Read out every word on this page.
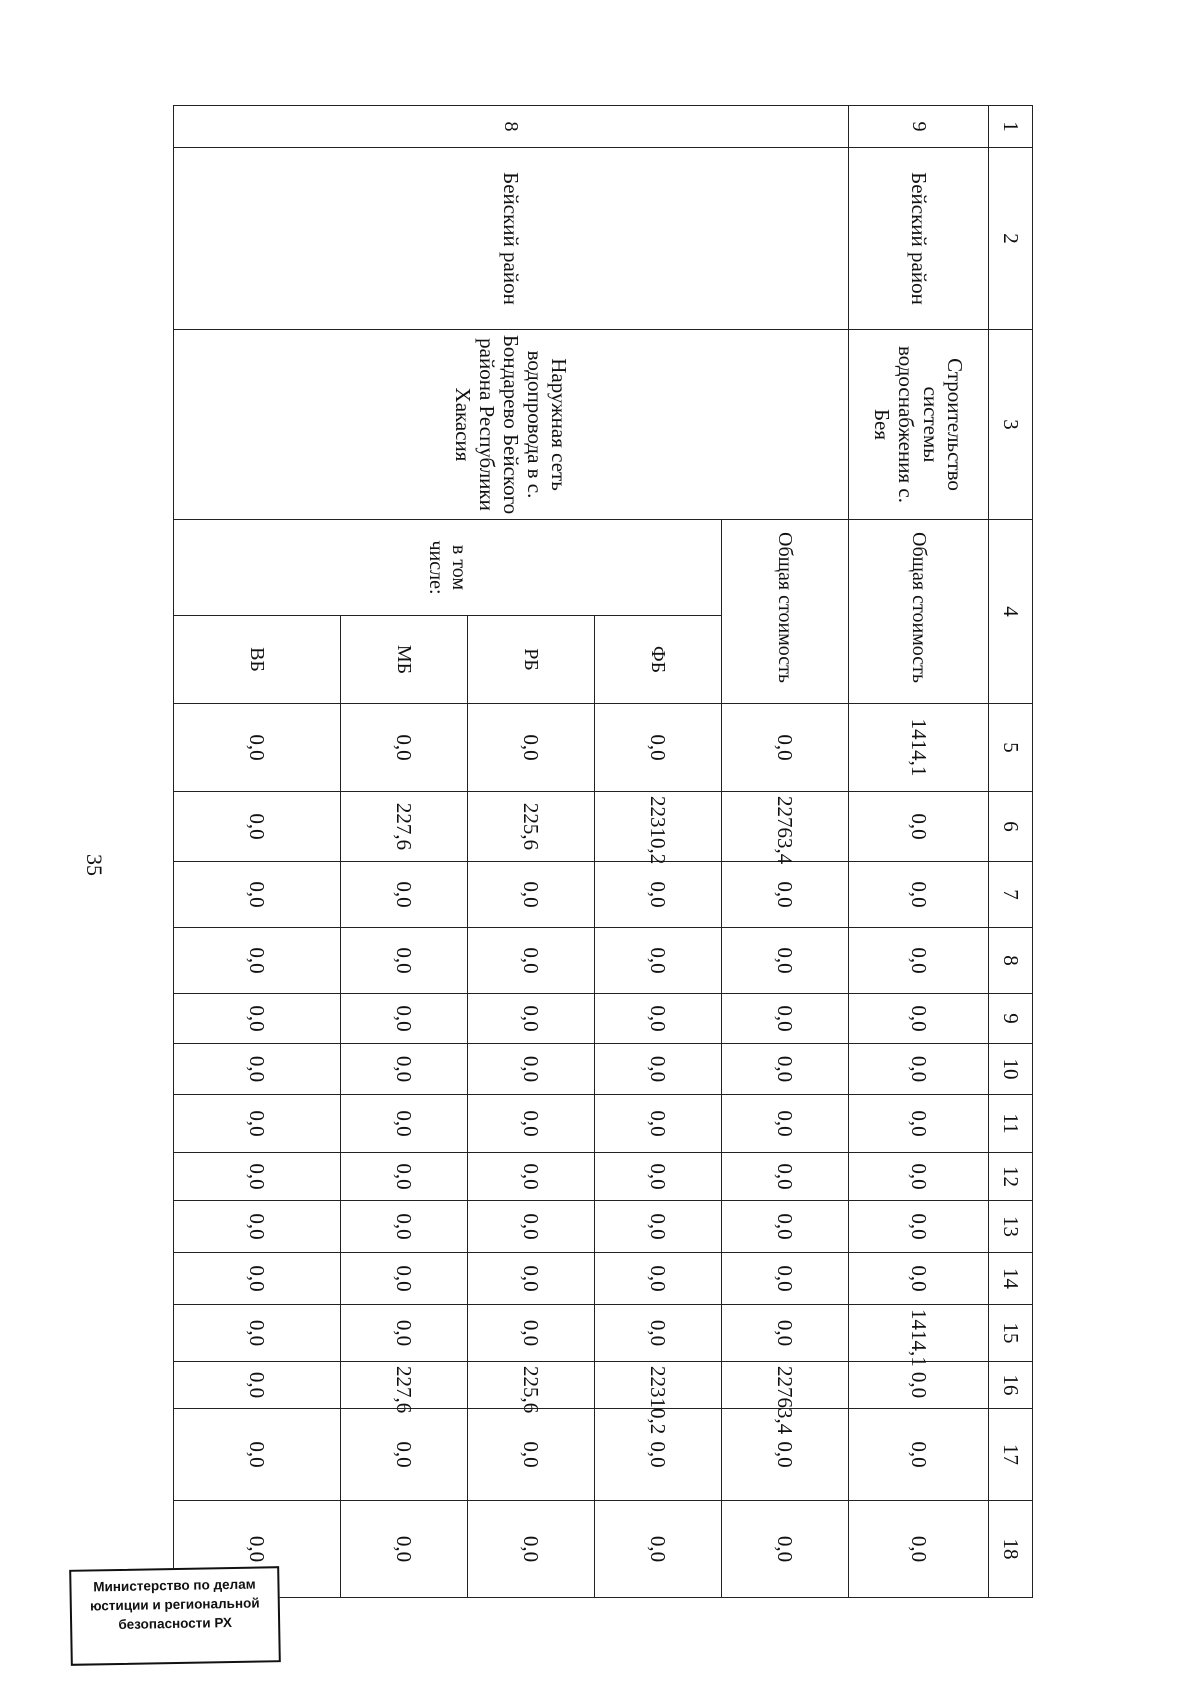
35
1	2	3	4		5	6	7	8	9	10	11	12	13	14	15	16	17	18
9	Бейский район	Строительство системы водоснабжения с. Бея	Общая стоимость		1414,1	0,0	0,0	0,0	0,0	0,0	0,0	0,0	0,0	0,0	1414,1	0,0	0,0	0,0
8	Бейский район	Наружная сеть водопровода в с. Бондарево Бейского района Республики Хакасия	Общая стоимость		0,0	22763,4	0,0	0,0	0,0	0,0	0,0	0,0	0,0	0,0	0,0	22763,4	0,0	0,0
			в том числе:	ФБ	0,0	22310,2	0,0	0,0	0,0	0,0	0,0	0,0	0,0	0,0	0,0	22310,2	0,0	0,0
				РБ	0,0	225,6	0,0	0,0	0,0	0,0	0,0	0,0	0,0	0,0	0,0	225,6	0,0	0,0
				МБ	0,0	227,6	0,0	0,0	0,0	0,0	0,0	0,0	0,0	0,0	0,0	227,6	0,0	0,0
				ВБ	0,0	0,0	0,0	0,0	0,0	0,0	0,0	0,0	0,0	0,0	0,0	0,0	0,0	0,0
Министерство по делам
юстиции и региональной
безопасности РХ
